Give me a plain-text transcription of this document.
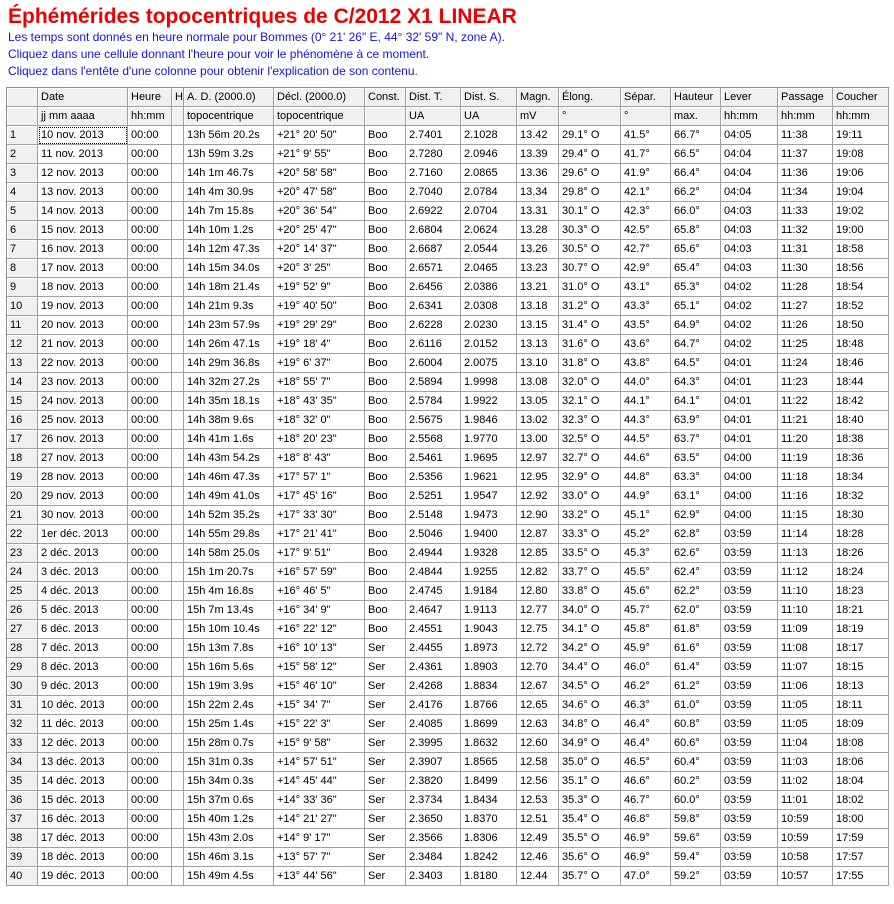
Éphémérides topocentriques de C/2012 X1 LINEAR
Les temps sont donnés en heure normale pour Bommes (0° 21' 26" E, 44° 32' 59" N, zone A).
Cliquez dans une cellule donnant l'heure pour voir le phénomène à ce moment.
Cliquez dans l'entête d'une colonne pour obtenir l'explication de son contenu.
	Date	Heure	H	A. D. (2000.0)	Décl. (2000.0)	Const.	Dist. T.	Dist. S.	Magn.	Élong.	Sépar.	Hauteur	Lever	Passage	Coucher
	jj mm aaaa	hh:mm		topocentrique	topocentrique		UA	UA	mV	°	°	max.	hh:mm	hh:mm	hh:mm
1	10 nov. 2013	00:00		13h 56m 20.2s	+21° 20' 50"	Boo	2.7401	2.1028	13.42	29.1° O	41.5°	66.7°	04:05	11:38	19:11
2	11 nov. 2013	00:00		13h 59m 3.2s	+21° 9' 55"	Boo	2.7280	2.0946	13.39	29.4° O	41.7°	66.5°	04:04	11:37	19:08
3	12 nov. 2013	00:00		14h 1m 46.7s	+20° 58' 58"	Boo	2.7160	2.0865	13.36	29.6° O	41.9°	66.4°	04:04	11:36	19:06
4	13 nov. 2013	00:00		14h 4m 30.9s	+20° 47' 58"	Boo	2.7040	2.0784	13.34	29.8° O	42.1°	66.2°	04:04	11:34	19:04
5	14 nov. 2013	00:00		14h 7m 15.8s	+20° 36' 54"	Boo	2.6922	2.0704	13.31	30.1° O	42.3°	66.0°	04:03	11:33	19:02
6	15 nov. 2013	00:00		14h 10m 1.2s	+20° 25' 47"	Boo	2.6804	2.0624	13.28	30.3° O	42.5°	65.8°	04:03	11:32	19:00
7	16 nov. 2013	00:00		14h 12m 47.3s	+20° 14' 37"	Boo	2.6687	2.0544	13.26	30.5° O	42.7°	65.6°	04:03	11:31	18:58
8	17 nov. 2013	00:00		14h 15m 34.0s	+20° 3' 25"	Boo	2.6571	2.0465	13.23	30.7° O	42.9°	65.4°	04:03	11:30	18:56
9	18 nov. 2013	00:00		14h 18m 21.4s	+19° 52' 9"	Boo	2.6456	2.0386	13.21	31.0° O	43.1°	65.3°	04:02	11:28	18:54
10	19 nov. 2013	00:00		14h 21m 9.3s	+19° 40' 50"	Boo	2.6341	2.0308	13.18	31.2° O	43.3°	65.1°	04:02	11:27	18:52
11	20 nov. 2013	00:00		14h 23m 57.9s	+19° 29' 29"	Boo	2.6228	2.0230	13.15	31.4° O	43.5°	64.9°	04:02	11:26	18:50
12	21 nov. 2013	00:00		14h 26m 47.1s	+19° 18' 4"	Boo	2.6116	2.0152	13.13	31.6° O	43.6°	64.7°	04:02	11:25	18:48
13	22 nov. 2013	00:00		14h 29m 36.8s	+19° 6' 37"	Boo	2.6004	2.0075	13.10	31.8° O	43.8°	64.5°	04:01	11:24	18:46
14	23 nov. 2013	00:00		14h 32m 27.2s	+18° 55' 7"	Boo	2.5894	1.9998	13.08	32.0° O	44.0°	64.3°	04:01	11:23	18:44
15	24 nov. 2013	00:00		14h 35m 18.1s	+18° 43' 35"	Boo	2.5784	1.9922	13.05	32.1° O	44.1°	64.1°	04:01	11:22	18:42
16	25 nov. 2013	00:00		14h 38m 9.6s	+18° 32' 0"	Boo	2.5675	1.9846	13.02	32.3° O	44.3°	63.9°	04:01	11:21	18:40
17	26 nov. 2013	00:00		14h 41m 1.6s	+18° 20' 23"	Boo	2.5568	1.9770	13.00	32.5° O	44.5°	63.7°	04:01	11:20	18:38
18	27 nov. 2013	00:00		14h 43m 54.2s	+18° 8' 43"	Boo	2.5461	1.9695	12.97	32.7° O	44.6°	63.5°	04:00	11:19	18:36
19	28 nov. 2013	00:00		14h 46m 47.3s	+17° 57' 1"	Boo	2.5356	1.9621	12.95	32.9° O	44.8°	63.3°	04:00	11:18	18:34
20	29 nov. 2013	00:00		14h 49m 41.0s	+17° 45' 16"	Boo	2.5251	1.9547	12.92	33.0° O	44.9°	63.1°	04:00	11:16	18:32
21	30 nov. 2013	00:00		14h 52m 35.2s	+17° 33' 30"	Boo	2.5148	1.9473	12.90	33.2° O	45.1°	62.9°	04:00	11:15	18:30
22	1er déc. 2013	00:00		14h 55m 29.8s	+17° 21' 41"	Boo	2.5046	1.9400	12.87	33.3° O	45.2°	62.8°	03:59	11:14	18:28
23	2 déc. 2013	00:00		14h 58m 25.0s	+17° 9' 51"	Boo	2.4944	1.9328	12.85	33.5° O	45.3°	62.6°	03:59	11:13	18:26
24	3 déc. 2013	00:00		15h 1m 20.7s	+16° 57' 59"	Boo	2.4844	1.9255	12.82	33.7° O	45.5°	62.4°	03:59	11:12	18:24
25	4 déc. 2013	00:00		15h 4m 16.8s	+16° 46' 5"	Boo	2.4745	1.9184	12.80	33.8° O	45.6°	62.2°	03:59	11:10	18:23
26	5 déc. 2013	00:00		15h 7m 13.4s	+16° 34' 9"	Boo	2.4647	1.9113	12.77	34.0° O	45.7°	62.0°	03:59	11:10	18:21
27	6 déc. 2013	00:00		15h 10m 10.4s	+16° 22' 12"	Boo	2.4551	1.9043	12.75	34.1° O	45.8°	61.8°	03:59	11:09	18:19
28	7 déc. 2013	00:00		15h 13m 7.8s	+16° 10' 13"	Ser	2.4455	1.8973	12.72	34.2° O	45.9°	61.6°	03:59	11:08	18:17
29	8 déc. 2013	00:00		15h 16m 5.6s	+15° 58' 12"	Ser	2.4361	1.8903	12.70	34.4° O	46.0°	61.4°	03:59	11:07	18:15
30	9 déc. 2013	00:00		15h 19m 3.9s	+15° 46' 10"	Ser	2.4268	1.8834	12.67	34.5° O	46.2°	61.2°	03:59	11:06	18:13
31	10 déc. 2013	00:00		15h 22m 2.4s	+15° 34' 7"	Ser	2.4176	1.8766	12.65	34.6° O	46.3°	61.0°	03:59	11:05	18:11
32	11 déc. 2013	00:00		15h 25m 1.4s	+15° 22' 3"	Ser	2.4085	1.8699	12.63	34.8° O	46.4°	60.8°	03:59	11:05	18:09
33	12 déc. 2013	00:00		15h 28m 0.7s	+15° 9' 58"	Ser	2.3995	1.8632	12.60	34.9° O	46.4°	60.6°	03:59	11:04	18:08
34	13 déc. 2013	00:00		15h 31m 0.3s	+14° 57' 51"	Ser	2.3907	1.8565	12.58	35.0° O	46.5°	60.4°	03:59	11:03	18:06
35	14 déc. 2013	00:00		15h 34m 0.3s	+14° 45' 44"	Ser	2.3820	1.8499	12.56	35.1° O	46.6°	60.2°	03:59	11:02	18:04
36	15 déc. 2013	00:00		15h 37m 0.6s	+14° 33' 36"	Ser	2.3734	1.8434	12.53	35.3° O	46.7°	60.0°	03:59	11:01	18:02
37	16 déc. 2013	00:00		15h 40m 1.2s	+14° 21' 27"	Ser	2.3650	1.8370	12.51	35.4° O	46.8°	59.8°	03:59	10:59	18:00
38	17 déc. 2013	00:00		15h 43m 2.0s	+14° 9' 17"	Ser	2.3566	1.8306	12.49	35.5° O	46.9°	59.6°	03:59	10:59	17:59
39	18 déc. 2013	00:00		15h 46m 3.1s	+13° 57' 7"	Ser	2.3484	1.8242	12.46	35.6° O	46.9°	59.4°	03:59	10:58	17:57
40	19 déc. 2013	00:00		15h 49m 4.5s	+13° 44' 56"	Ser	2.3403	1.8180	12.44	35.7° O	47.0°	59.2°	03:59	10:57	17:55
